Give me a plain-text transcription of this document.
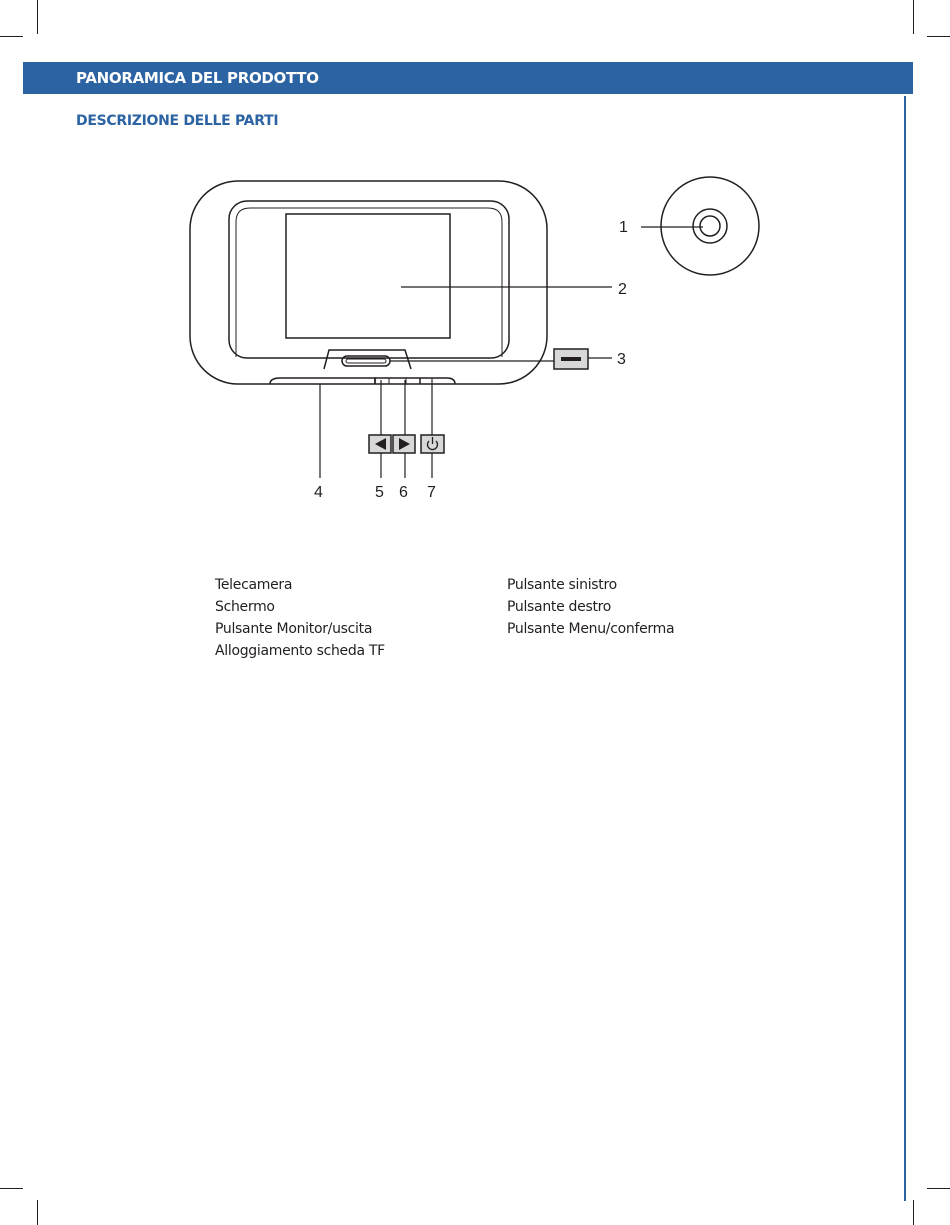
PANORAMICA DEL PRODOTTO
DESCRIZIONE DELLE PARTI
1
2
3
4	5 6 7
Telecamera
Schermo
Pulsante Monitor/uscita
Alloggiamento scheda TF
Pulsante sinistro
Pulsante destro
Pulsante Menu/conferma
